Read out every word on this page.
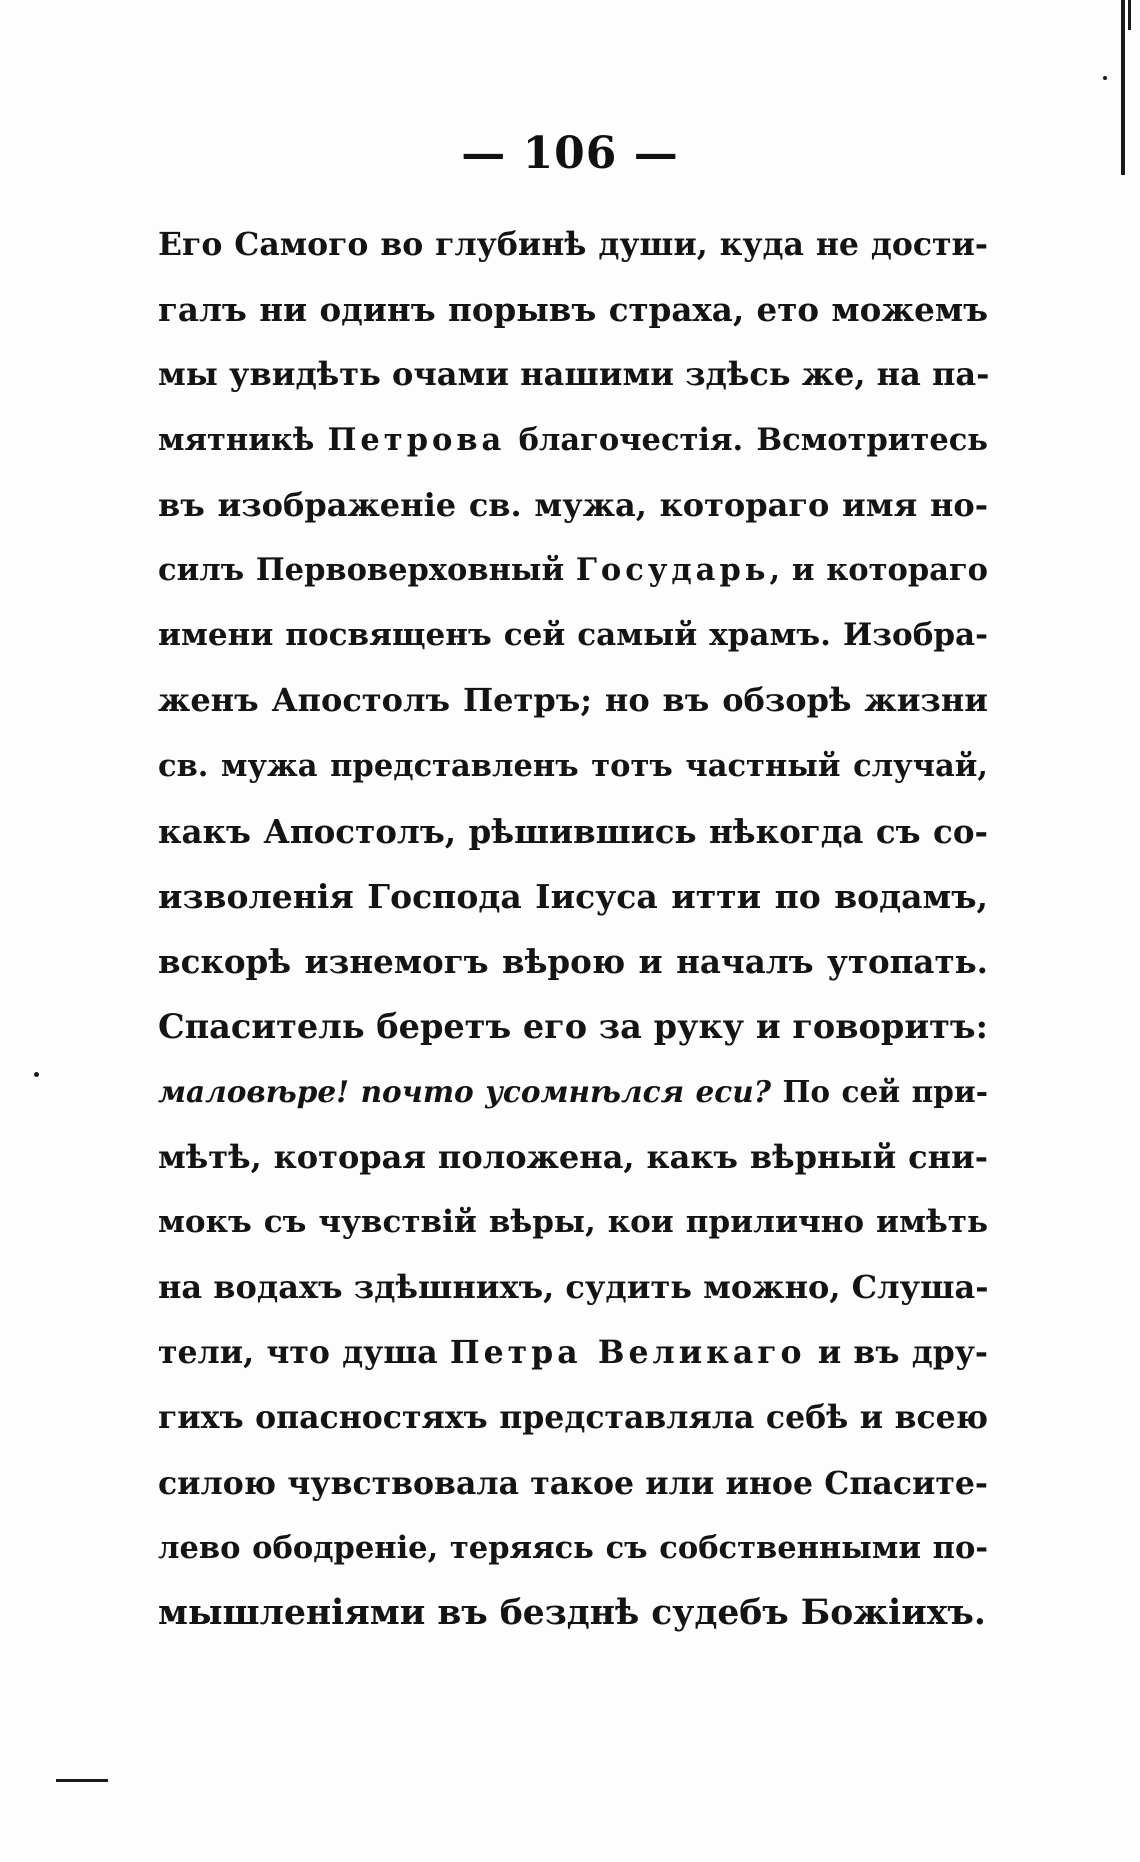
— 106 —
Его Самого во глубинѣ души, куда не дости-
галъ ни одинъ порывъ страха, ето можемъ
мы увидѣть очами нашими здѣсь же, на па-
мятникѣ Петрова благочестія. Всмотритесь
въ изображеніе св. мужа, котораго имя но-
силъ Первоверховный Государь, и котораго
имени посвященъ сей самый храмъ. Изобра-
женъ Апостолъ Петръ; но въ обзорѣ жизни
св. мужа представленъ тотъ частный случай,
какъ Апостолъ, рѣшившись нѣкогда съ со-
изволенія Господа Іисуса итти по водамъ,
вскорѣ изнемогъ вѣрою и началъ утопать.
Спаситель беретъ его за руку и говоритъ:
маловѣре! почто усомнѣлся еси? По сей при-
мѣтѣ, которая положена, какъ вѣрный сни-
мокъ съ чувствій вѣры, кои прилично имѣть
на водахъ здѣшнихъ, судить можно, Слуша-
тели, что душа Петра Великаго и въ дру-
гихъ опасностяхъ представляла себѣ и всею
силою чувствовала такое или иное Спасите-
лево ободреніе, теряясь съ собственными по-
мышленіями въ безднѣ судебъ Божіихъ.
